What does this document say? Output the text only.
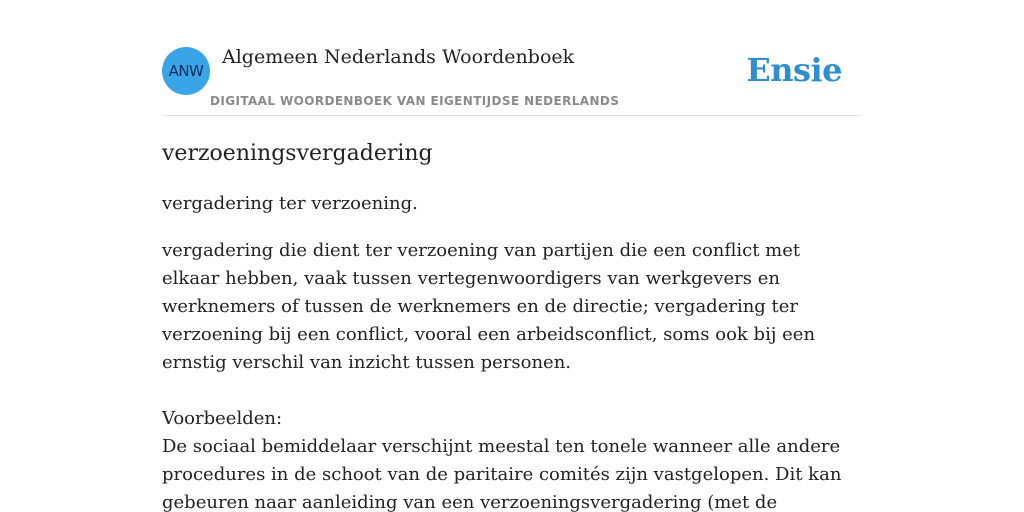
ANW
Algemeen Nederlands Woordenboek
DIGITAAL WOORDENBOEK VAN EIGENTIJDSE NEDERLANDS
Ensie
verzoeningsvergadering

vergadering ter verzoening.

vergadering die dient ter verzoening van partijen die een conflict met elkaar hebben, vaak tussen vertegenwoordigers van werkgevers en werknemers of tussen de werknemers en de directie; vergadering ter verzoening bij een conflict, vooral een arbeidsconflict, soms ook bij een ernstig verschil van inzicht tussen personen.

Voorbeelden:

De sociaal bemiddelaar verschijnt meestal ten tonele wanneer alle andere procedures in de schoot van de paritaire comités zijn vastgelopen. Dit kan gebeuren naar aanleiding van een verzoeningsvergadering (met de
